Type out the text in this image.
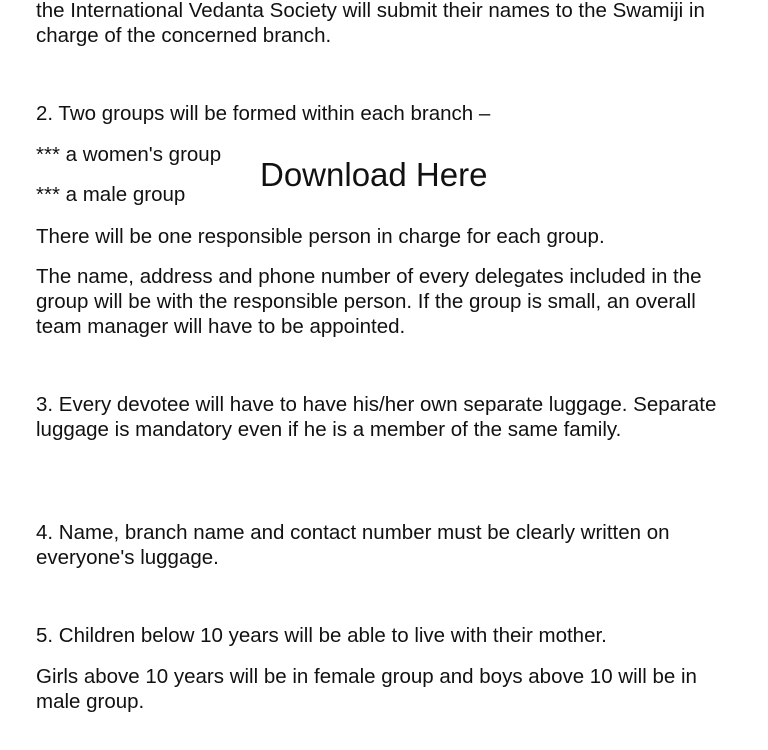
the International Vedanta Society will submit their names to the Swamiji in charge of the concerned branch.

2. Two groups will be formed within each branch –

*** a women's group

*** a male group

There will be one responsible person in charge for each group.

The name, address and phone number of every delegates included in the group will be with the responsible person. If the group is small, an overall team manager will have to be appointed.

3. Every devotee will have to have his/her own separate luggage. Separate luggage is mandatory even if he is a member of the same family.

4. Name, branch name and contact number must be clearly written on everyone's luggage.

5. Children below 10 years will be able to live with their mother.

Girls above 10 years will be in female group and boys above 10 will be in male group.

Download Here
